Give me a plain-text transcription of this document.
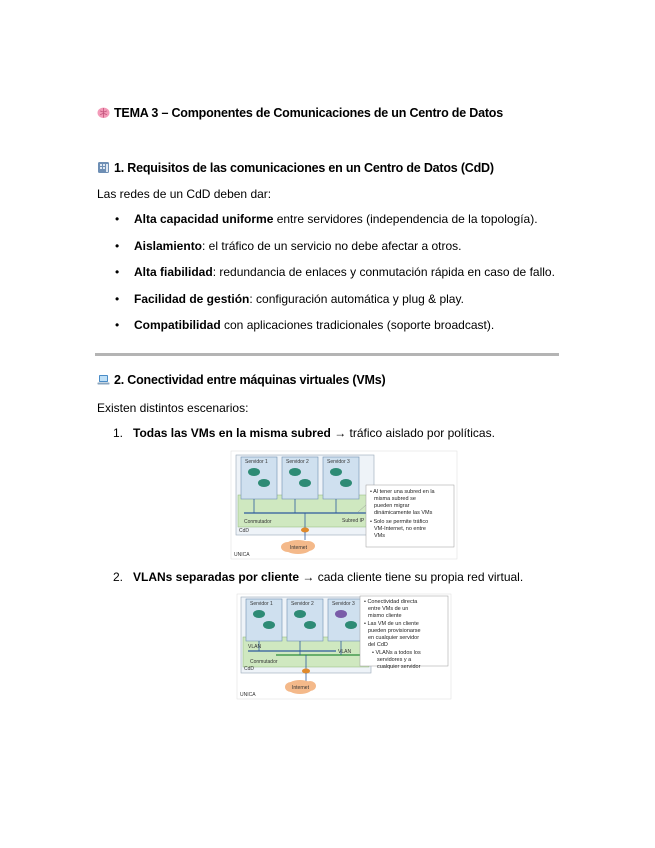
TEMA 3 – Componentes de Comunicaciones de un Centro de Datos
1. Requisitos de las comunicaciones en un Centro de Datos (CdD)
Las redes de un CdD deben dar:
• Alta capacidad uniforme entre servidores (independencia de la topología).
• Aislamiento: el tráfico de un servicio no debe afectar a otros.
• Alta fiabilidad: redundancia de enlaces y conmutación rápida en caso de fallo.
• Facilidad de gestión: configuración automática y plug & play.
• Compatibilidad con aplicaciones tradicionales (soporte broadcast).
2. Conectividad entre máquinas virtuales (VMs)
Existen distintos escenarios:
1. Todas las VMs en la misma subred → tráfico aislado por políticas.
Servidor 1	Servidor 2	Servidor 3
Conmutador	Subred IP
CdD
Internet
UNICA
• Al tener una subred en la misma subred se pueden migrar dinámicamente las VMs • Solo se permite tráfico VM-Internet, no entre VMs
2. VLANs separadas por cliente → cada cliente tiene su propia red virtual.
Servidor 1	Servidor 2	Servidor 3
VLAN
VLAN
Conmutador
CdD
Internet
UNICA
• Conectividad directa entre VMs de un mismo cliente • Las VM de un cliente pueden provisionarse en cualquier servidor del CdD • VLANs a todos los servidores y a cualquier servidor
